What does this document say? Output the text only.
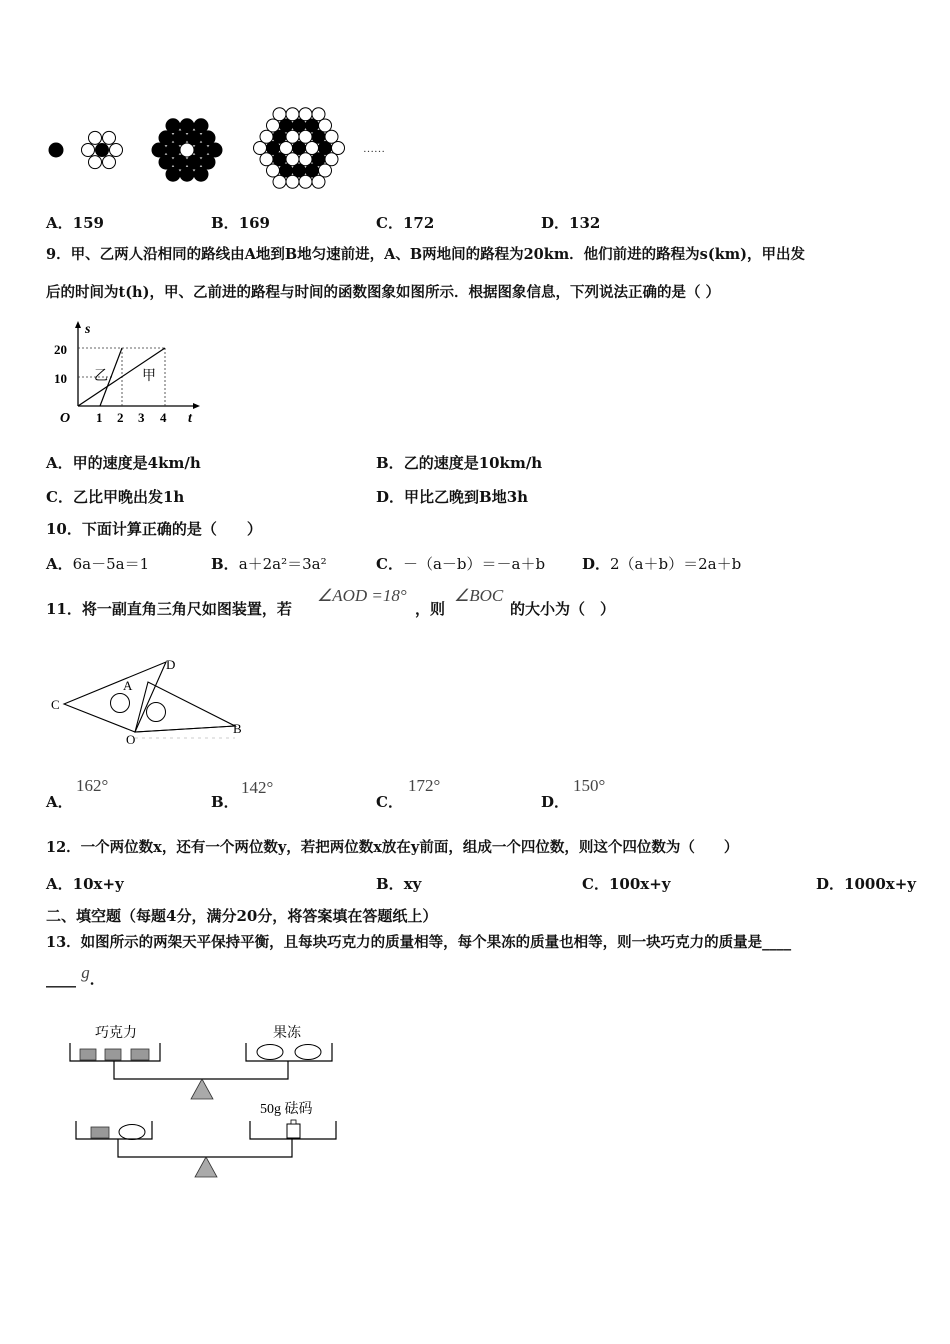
……
A．159	B．169	C．172	D．132
9．甲、乙两人沿相同的路线由A地到B地匀速前进，A、B两地间的路程为20km．他们前进的路程为s(km)，甲出发
后的时间为t(h)，甲、乙前进的路程与时间的函数图象如图所示．根据图象信息，下列说法正确的是（ ）
s
t
O
20
10
1 2 3 4
乙 甲
A．甲的速度是4km/h	B．乙的速度是10km/h
C．乙比甲晚出发1h	D．甲比乙晚到B地3h
10．下面计算正确的是（　　）
A．6a－5a＝1	B．a＋2a²＝3a²	C．－（a－b）＝－a＋b D．2（a＋b）＝2a＋b
11．将一副直角三角尺如图装置，若
∠AOD =18°
，则
∠BOC
的大小为（　）
C
A
D
O
B
A．
162°
B．
142°
C．
172°
D．
150°
12．一个两位数x，还有一个两位数y，若把两位数x放在y前面，组成一个四位数，则这个四位数为（　　）
A．10x+y	B．xy	C．100x+y	D．1000x+y
二、填空题（每题4分，满分20分，将答案填在答题纸上）
13．如图所示的两架天平保持平衡，且每块巧克力的质量相等，每个果冻的质量也相等，则一块巧克力的质量是____
____ g．
巧克力	果冻
50g 砝码
